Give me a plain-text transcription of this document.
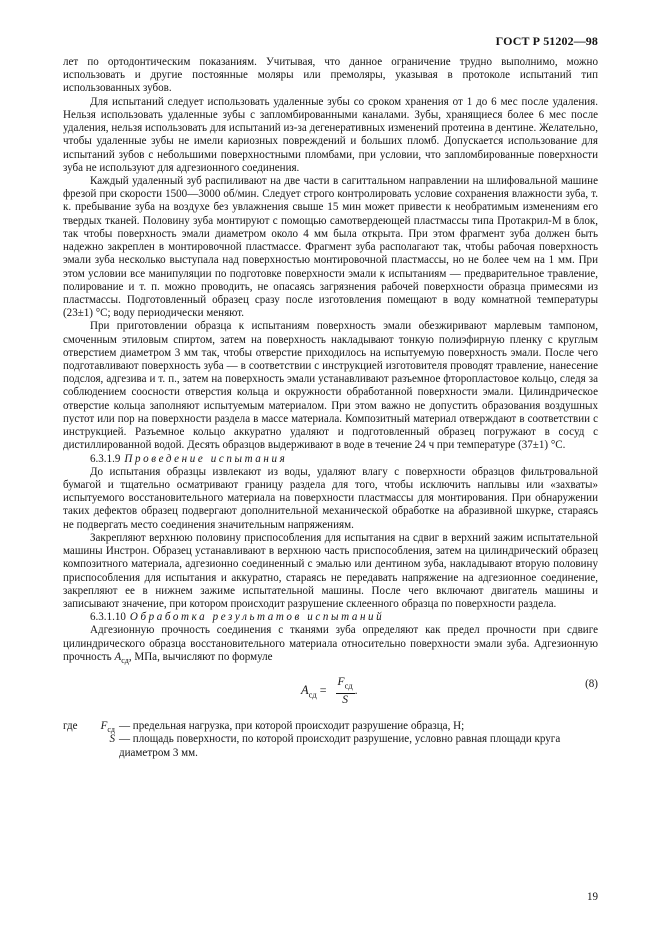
ГОСТ Р 51202—98

лет по ортодонтическим показаниям. Учитывая, что данное ограничение трудно выполнимо, можно использовать и другие постоянные моляры или премоляры, указывая в протоколе испытаний тип использованных зубов.

Для испытаний следует использовать удаленные зубы со сроком хранения от 1 до 6 мес после удаления. Нельзя использовать удаленные зубы с запломбированными каналами. Зубы, хранящиеся более 6 мес после удаления, нельзя использовать для испытаний из-за дегенеративных изменений протеина в дентине. Желательно, чтобы удаленные зубы не имели кариозных повреждений и больших пломб. Допускается использование для испытаний зубов с небольшими поверхностными пломбами, при условии, что запломбированные поверхности зуба не используют для адгезионного соединения.

Каждый удаленный зуб распиливают на две части в сагиттальном направлении на шлифовальной машине фрезой при скорости 1500—3000 об/мин. Следует строго контролировать условие сохранения влажности зуба, т. к. пребывание зуба на воздухе без увлажнения свыше 15 мин может привести к необратимым изменениям его твердых тканей. Половину зуба монтируют с помощью самотвердеющей пластмассы типа Протакрил-М в блок, так чтобы поверхность эмали диаметром около 4 мм была открыта. При этом фрагмент зуба должен быть надежно закреплен в монтировочной пластмассе. Фрагмент зуба располагают так, чтобы рабочая поверхность эмали зуба несколько выступала над поверхностью монтировочной пластмассы, но не более чем на 1 мм. При этом условии все манипуляции по подготовке поверхности эмали к испытаниям — предварительное травление, полирование и т. п. можно проводить, не опасаясь загрязнения рабочей поверхности образца примесями из пластмассы. Подготовленный образец сразу после изготовления помещают в воду комнатной температуры (23±1) °С; воду периодически меняют.

При приготовлении образца к испытаниям поверхность эмали обезжиривают марлевым тампоном, смоченным этиловым спиртом, затем на поверхность накладывают тонкую полиэфирную пленку с круглым отверстием диаметром 3 мм так, чтобы отверстие приходилось на испытуемую поверхность эмали. После чего подготавливают поверхность зуба — в соответствии с инструкцией изготовителя проводят травление, нанесение подслоя, адгезива и т. п., затем на поверхность эмали устанавливают разъемное фторопластовое кольцо, следя за соблюдением соосности отверстия кольца и окружности обработанной поверхности эмали. Цилиндрическое отверстие кольца заполняют испытуемым материалом. При этом важно не допустить образования воздушных пустот или пор на поверхности раздела в массе материала. Композитный материал отверждают в соответствии с инструкцией. Разъемное кольцо аккуратно удаляют и подготовленный образец погружают в сосуд с дистиллированной водой. Десять образцов выдерживают в воде в течение 24 ч при температуре (37±1) °С.

6.3.1.9 Проведение испытания

До испытания образцы извлекают из воды, удаляют влагу с поверхности образцов фильтровальной бумагой и тщательно осматривают границу раздела для того, чтобы исключить наплывы или «захваты» испытуемого восстановительного материала на поверхности пластмассы для монтирования. При обнаружении таких дефектов образец подвергают дополнительной механической обработке на абразивной шкурке, стараясь не подвергать место соединения значительным напряжениям.

Закрепляют верхнюю половину приспособления для испытания на сдвиг в верхний зажим испытательной машины Инстрон. Образец устанавливают в верхнюю часть приспособления, затем на цилиндрический образец композитного материала, адгезионно соединенный с эмалью или дентином зуба, накладывают вторую половину приспособления для испытания и аккуратно, стараясь не передавать напряжение на адгезионное соединение, закрепляют ее в нижнем зажиме испытательной машины. После чего включают двигатель машины и записывают значение, при котором происходит разрушение склеенного образца по поверхности раздела.

6.3.1.10 Обработка результатов испытаний

Адгезионную прочность соединения с тканями зуба определяют как предел прочности при сдвиге цилиндрического образца восстановительного материала относительно поверхности эмали зуба. Адгезионную прочность $A_{сд}$, МПа, вычисляют по формуле

$A_{сд} = \frac{F_{сд}}{S}$ .	(8)
где $F_{сд}$ — предельная нагрузка, при которой происходит разрушение образца, Н;
S — площадь поверхности, по которой происходит разрушение, условно равная площади круга диаметром 3 мм.
19
